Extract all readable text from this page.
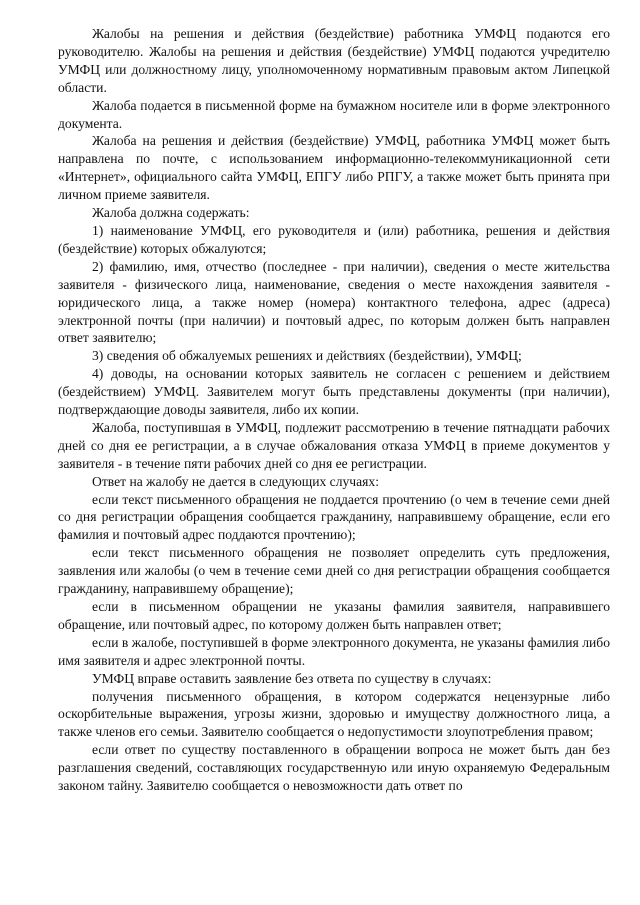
Жалобы на решения и действия (бездействие) работника УМФЦ подаются его руководителю. Жалобы на решения и действия (бездействие) УМФЦ подаются учредителю УМФЦ или должностному лицу, уполномоченному нормативным правовым актом Липецкой области.

Жалоба подается в письменной форме на бумажном носителе или в форме электронного документа.

Жалоба на решения и действия (бездействие) УМФЦ, работника УМФЦ может быть направлена по почте, с использованием информационно-телекоммуникационной сети «Интернет», официального сайта УМФЦ, ЕПГУ либо РПГУ, а также может быть принята при личном приеме заявителя.

Жалоба должна содержать:

1) наименование УМФЦ, его руководителя и (или) работника, решения и действия (бездействие) которых обжалуются;

2) фамилию, имя, отчество (последнее - при наличии), сведения о месте жительства заявителя - физического лица, наименование, сведения о месте нахождения заявителя - юридического лица, а также номер (номера) контактного телефона, адрес (адреса) электронной почты (при наличии) и почтовый адрес, по которым должен быть направлен ответ заявителю;

3) сведения об обжалуемых решениях и действиях (бездействии), УМФЦ;

4) доводы, на основании которых заявитель не согласен с решением и действием (бездействием) УМФЦ. Заявителем могут быть представлены документы (при наличии), подтверждающие доводы заявителя, либо их копии.

Жалоба, поступившая в УМФЦ, подлежит рассмотрению в течение пятнадцати рабочих дней со дня ее регистрации, а в случае обжалования отказа УМФЦ в приеме документов у заявителя - в течение пяти рабочих дней со дня ее регистрации.

Ответ на жалобу не дается в следующих случаях:

если текст письменного обращения не поддается прочтению (о чем в течение семи дней со дня регистрации обращения сообщается гражданину, направившему обращение, если его фамилия и почтовый адрес поддаются прочтению);

если текст письменного обращения не позволяет определить суть предложения, заявления или жалобы (о чем в течение семи дней со дня регистрации обращения сообщается гражданину, направившему обращение);

если в письменном обращении не указаны фамилия заявителя, направившего обращение, или почтовый адрес, по которому должен быть направлен ответ;

если в жалобе, поступившей в форме электронного документа, не указаны фамилия либо имя заявителя и адрес электронной почты.

УМФЦ вправе оставить заявление без ответа по существу в случаях:

получения письменного обращения, в котором содержатся нецензурные либо оскорбительные выражения, угрозы жизни, здоровью и имуществу должностного лица, а также членов его семьи. Заявителю сообщается о недопустимости злоупотребления правом;

если ответ по существу поставленного в обращении вопроса не может быть дан без разглашения сведений, составляющих государственную или иную охраняемую Федеральным законом тайну. Заявителю сообщается о невозможности дать ответ по
